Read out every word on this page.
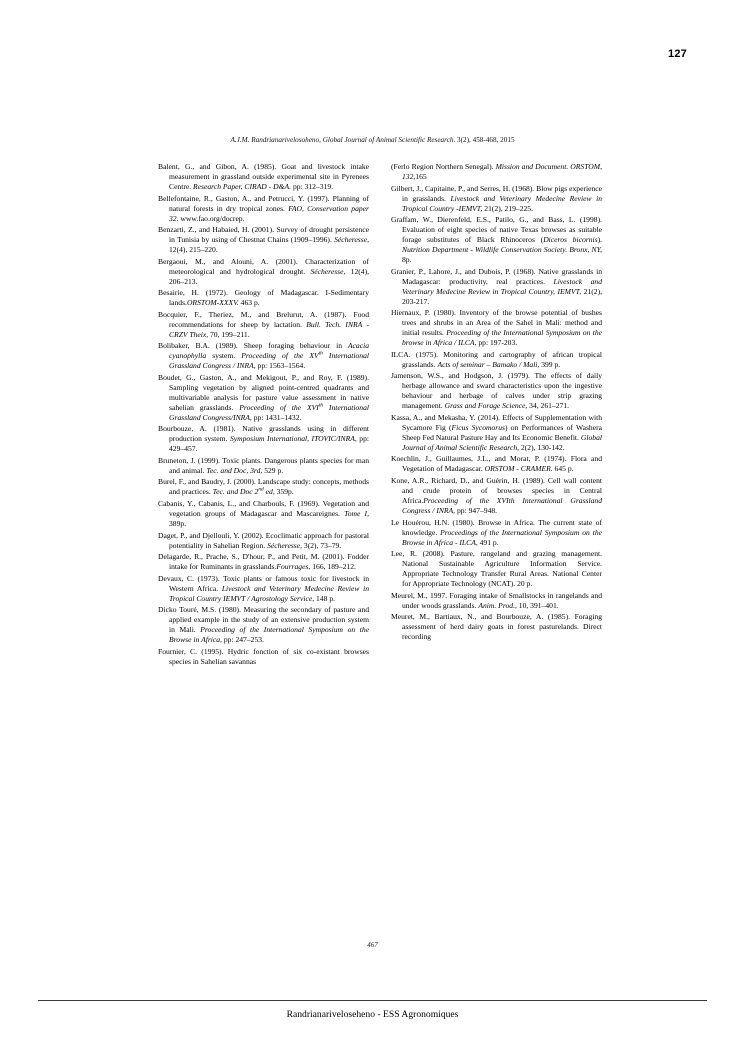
127
A.J.M. Randrianarivelosoheno, Global Journal of Animal Scientific Research. 3(2), 458-468, 2015
Balent, G., and Gibon, A. (1985). Goat and livestock intake measurement in grassland outside experimental site in Pyrenees Centre. Research Paper, CIRAD - D&A. pp: 312–319.
Bellefontaine, R., Gaston, A., and Petrucci, Y. (1997). Planning of natural forests in dry tropical zones. FAO, Conservation paper 32. www.fao.org/docrep.
Benzarti, Z., and Habaied, H. (2001). Survey of drought persistence in Tunisia by using of Chestnat Chains (1909–1996). Sécheresse, 12(4), 215–220.
Bergaoui, M., and Alouni, A. (2001). Characterization of meteorological and hydrological drought. Sécheresse, 12(4), 206–213.
Besairie, H. (1972). Geology of Madagascar. I-Sedimentary lands.ORSTOM-XXXV. 463 p.
Bocquier, F., Theriez, M., and Brelurut, A. (1987). Food recommendations for sheep by lactation. Bull. Tech. INRA - CRZV Theix, 70, 199–211.
Bolibaker, B.A. (1989). Sheep foraging behaviour in Acacia cyanophylla system. Proceeding of the XVth International Grassland Congress / INRA, pp: 1563–1564.
Boudet, G., Gaston, A., and Mekigout, P., and Roy, F. (1989). Sampling vegetation by aligned point-centred quadrants and multivariable analysis for pasture value assessment in native sahelian grasslands. Proceeding of the XVIth International Grassland Congress/INRA, pp: 1431–1432.
Bourbouze, A. (1981). Native grasslands using in different production system. Symposium International, ITOVIC/INRA, pp: 429–457.
Bruneton, J. (1999). Toxic plants. Dangerous plants species for man and animal. Tec. and Doc, 3rd, 529 p.
Burel, F., and Baudry, J. (2000). Landscape study: concepts, methods and practices. Tec. and Doc 2nd ed, 359p.
Cabanis, Y., Cabanis, L., and Charbouls, F. (1969). Vegetation and vegetation groups of Madagascar and Mascareignes. Tome I, 389p.
Daget, P., and Djellouli, Y. (2002). Ecoclimatic approach for pastoral potentiality in Sahelian Region. Sécheresse, 3(2), 73–79.
Delagarde, R., Prache, S., D'hour, P., and Petit, M. (2001). Fodder intake for Ruminants in grasslands.Fourrages, 166, 189–212.
Devaux, C. (1973). Toxic plants or famous toxic for livestock in Western Africa. Livestock and Veterinary Medecine Review in Tropical Country IEMVT / Agrostology Service, 148 p.
Dicko Touré, M.S. (1980). Measuring the secondary of pasture and applied example in the study of an extensive production system in Mali. Proceeding of the International Symposium on the Browse in Africa, pp: 247–253.
Fournier, C. (1995). Hydric fonction of six co-existant browses species in Sahelian savannas
(Ferlo Region Northern Senegal). Mission and Document. ORSTOM, 132,165
Gilbert, J., Capitaine, P., and Serres, H. (1968). Blow pigs experience in grasslands. Livestock and Veterinary Medecine Review in Tropical Country -IEMVT, 21(2), 219–225.
Graffam, W., Dierenfeld, E.S., Patilo, G., and Bass, L. (1998). Evaluation of eight species of native Texas browses as suitable forage substitutes of Black Rhinoceros (Diceros bicornis). Nutrition Department - Wildlife Conservation Society. Bronx, NY, 8p.
Granier, P., Lahore, J., and Dubois, P. (1968). Native grasslands in Madagascar: productivity, real practices. Livestock and Veterinary Medecine Review in Tropical Country, IEMVT, 21(2), 203-217.
Hiernaux, P. (1980). Inventory of the browse potential of bushes trees and shrubs in an Area of the Sahel in Mali: method and initial results. Proceeding of the International Symposium on the browse in Africa / ILCA, pp: 197-203.
ILCA. (1975). Monitoring and cartography of african tropical grasslands. Acts of seminar – Bamako / Mali, 399 p.
Jamenson, W.S., and Hodgson, J. (1979). The effects of daily herbage allowance and sward characteristics upon the ingestive behaviour and herbage of calves under strip grazing management. Grass and Forage Science, 34, 261–271.
Kassa, A., and Mekasha, Y. (2014). Effects of Supplementation with Sycamore Fig (Ficus Sycomorus) on Performances of Washera Sheep Fed Natural Pasture Hay and Its Economic Benefit. Global Journal of Animal Scientific Research, 2(2), 130-142.
Koechlin, J., Guillaumes, J.L., and Morat, P. (1974). Flora and Vegetation of Madagascar. ORSTOM - CRAMER. 645 p.
Kone, A.R., Richard, D., and Guérin, H. (1989). Cell wall content and crude protein of browses species in Central Africa.Proceeding of the XVIth International Grassland Congress / INRA, pp: 947–948.
Le Houérou, H.N. (1980). Browse in Africa. The current state of knowledge. Proceedings of the International Symposium on the Browse in Africa - ILCA, 491 p.
Lee, R. (2008). Pasture, rangeland and grazing management. National Sustainable Agriculture Information Service. Appropriate Technology Transfer Rural Areas. National Center for Appropriate Technology (NCAT). 20 p.
Meurel, M., 1997. Foraging intake of Smallstocks in rangelands and under woods grasslands. Anim. Prod., 10, 391–401.
Meuret, M., Bartiaux, N., and Bourbouze, A. (1985). Foraging assessment of herd dairy goats in forest pasturelands. Direct recording
467
Randrianariveloseheno - ESS Agronomiques
